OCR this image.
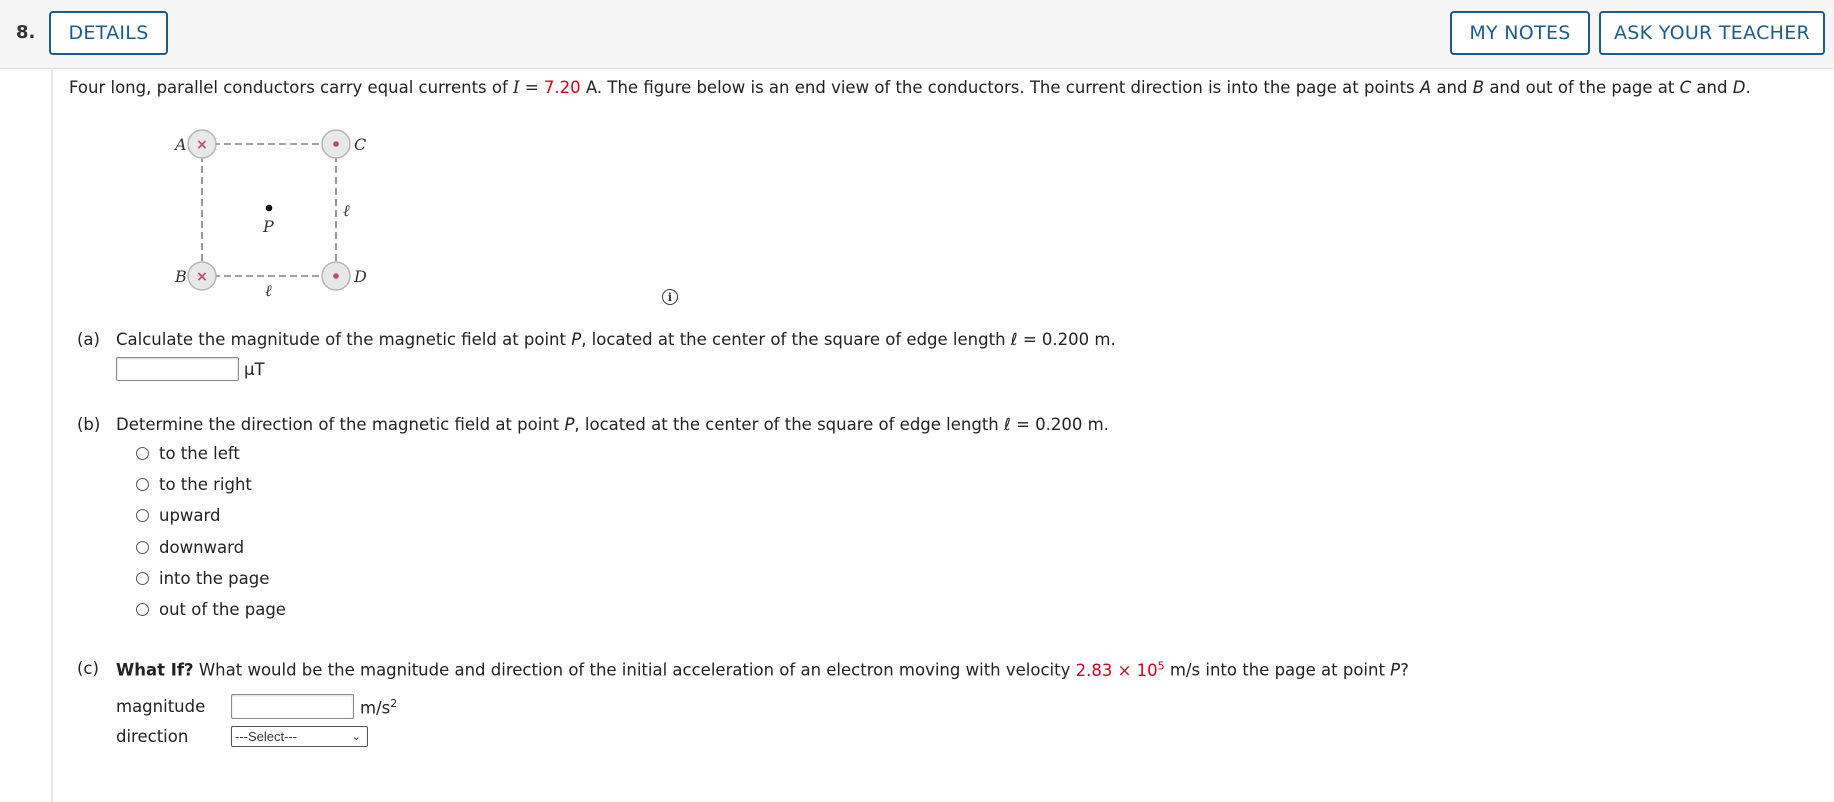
8.	DETAILS	MY NOTES	ASK YOUR TEACHER
Four long, parallel conductors carry equal currents of I = 7.20 A. The figure below is an end view of the conductors. The current direction is into the page at points A and B and out of the page at C and D.
×
×
A
B
C
D
P
ℓ
ℓ	i
(a) Calculate the magnitude of the magnetic field at point P, located at the center of the square of edge length ℓ = 0.200 m.
µT
(b) Determine the direction of the magnetic field at point P, located at the center of the square of edge length ℓ = 0.200 m.
to the left
to the right
upward
downward
into the page
out of the page
(c) What If? What would be the magnitude and direction of the initial acceleration of an electron moving with velocity $2.83 \times 10^5$ m/s into the page at point P?
magnitude	$m/s^2$
direction	---Select---	⌄
